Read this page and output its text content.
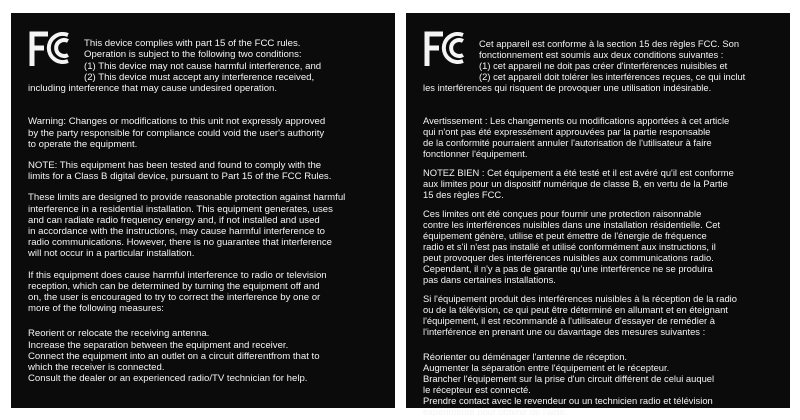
FC

This device complies with part 15 of the FCC rules.
Operation is subject to the following two conditions:
(1) This device may not cause harmful interference, and
(2) This device must accept any interference received,

including interference that may cause undesired operation.

Warning: Changes or modifications to this unit not expressly approved
by the party responsible for compliance could void the user's authority
to operate the equipment.

NOTE: This equipment has been tested and found to comply with the
limits for a Class B digital device, pursuant to Part 15 of the FCC Rules.

These limits are designed to provide reasonable protection against harmful
interference in a residential installation. This equipment generates, uses
and can radiate radio frequency energy and, if not installed and used
in accordance with the instructions, may cause harmful interference to
radio communications. However, there is no guarantee that interference
will not occur in a particular installation.

If this equipment does cause harmful interference to radio or television
reception, which can be determined by turning the equipment off and
on, the user is encouraged to try to correct the interference by one or
more of the following measures:

Reorient or relocate the receiving antenna.
Increase the separation between the equipment and receiver.
Connect the equipment into an outlet on a circuit differentfrom that to
which the receiver is connected.
Consult the dealer or an experienced radio/TV technician for help.

FC

Cet appareil est conforme à la section 15 des règles FCC. Son
fonctionnement est soumis aux deux conditions suivantes :
(1) cet appareil ne doit pas créer d'interférences nuisibles et
(2) cet appareil doit tolérer les interférences reçues, ce qui inclut

les interférences qui risquent de provoquer une utilisation indésirable.

Avertissement : Les changements ou modifications apportées à cet article
qui n'ont pas été expressément approuvées par la partie responsable
de la conformité pourraient annuler l'autorisation de l'utilisateur à faire
fonctionner l'équipement.

NOTEZ BIEN : Cet équipement a été testé et il est avéré qu'il est conforme
aux limites pour un dispositif numérique de classe B, en vertu de la Partie
15 des règles FCC.

Ces limites ont été conçues pour fournir une protection raisonnable
contre les interférences nuisibles dans une installation résidentielle. Cet
équipement génère, utilise et peut émettre de l'énergie de fréquence
radio et s'il n'est pas installé et utilisé conformément aux instructions, il
peut provoquer des interférences nuisibles aux communications radio.
Cependant, il n'y a pas de garantie qu'une interférence ne se produira
pas dans certaines installations.

Si l'équipement produit des interférences nuisibles à la réception de la radio
ou de la télévision, ce qui peut être déterminé en allumant et en éteignant
l'équipement, il est recommandé à l'utilisateur d'essayer de remédier à
l'interférence en prenant une ou davantage des mesures suivantes :

Réorienter ou déménager l'antenne de réception.
Augmenter la séparation entre l'équipement et le récepteur.
Brancher l'équipement sur la prise d'un circuit différent de celui auquel
le récepteur est connecté.
Prendre contact avec le revendeur ou un technicien radio et télévision
expérimenté pour obtenir de l'aide.
